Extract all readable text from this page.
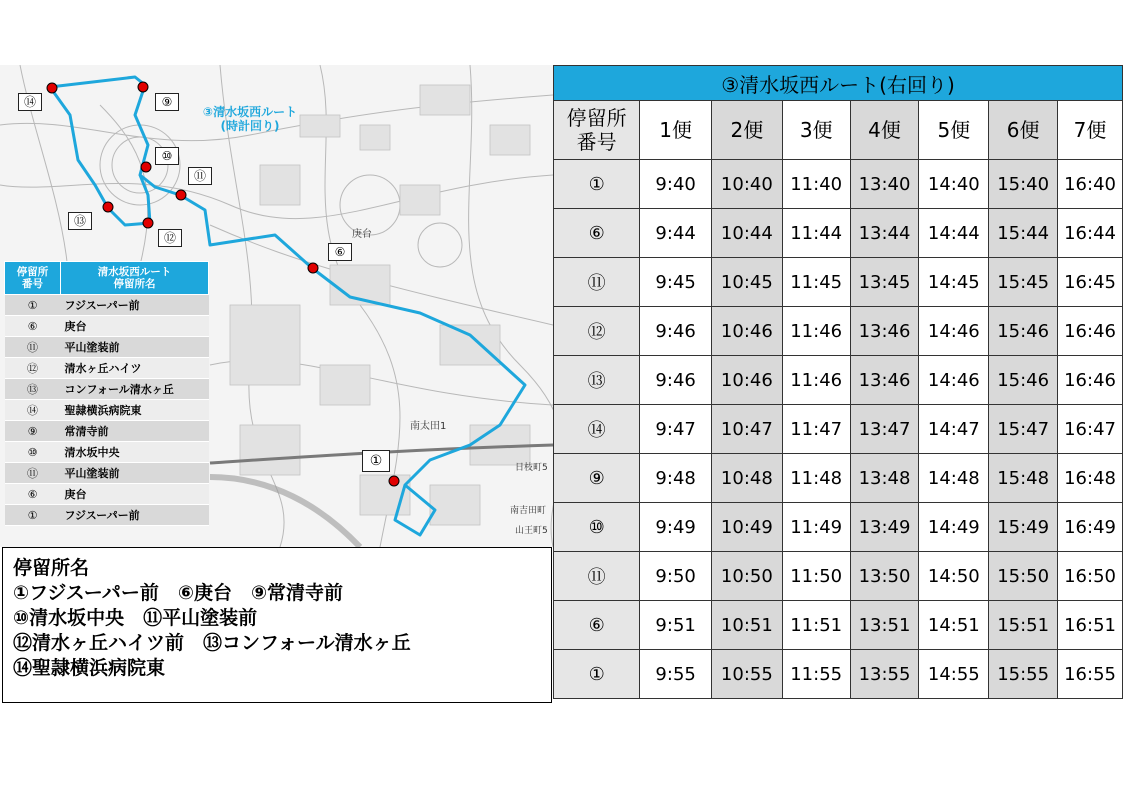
⑭	⑨
⑩
⑪
⑬
⑫
⑥
①
③清水坂西ルート
(時計回り)
庚台
南太田1
日枝町5
南吉田町
山王町5
停留所
番号	清水坂西ルート
停留所名
①	フジスーパー前
⑥	庚台
⑪	平山塗装前
⑫	清水ヶ丘ハイツ
⑬	コンフォール清水ヶ丘
⑭	聖隷横浜病院東
⑨	常清寺前
⑩	清水坂中央
⑪	平山塗装前
⑥	庚台
①	フジスーパー前
停留所名
①フジスーパー前　⑥庚台　⑨常清寺前
⑩清水坂中央　⑪平山塗装前
⑫清水ヶ丘ハイツ前　⑬コンフォール清水ヶ丘
⑭聖隷横浜病院東
③清水坂西ルート(右回り)							
停留所
番号	1便	2便	3便	4便	5便	6便	7便
①	9:40	10:40	11:40	13:40	14:40	15:40	16:40
⑥	9:44	10:44	11:44	13:44	14:44	15:44	16:44
⑪	9:45	10:45	11:45	13:45	14:45	15:45	16:45
⑫	9:46	10:46	11:46	13:46	14:46	15:46	16:46
⑬	9:46	10:46	11:46	13:46	14:46	15:46	16:46
⑭	9:47	10:47	11:47	13:47	14:47	15:47	16:47
⑨	9:48	10:48	11:48	13:48	14:48	15:48	16:48
⑩	9:49	10:49	11:49	13:49	14:49	15:49	16:49
⑪	9:50	10:50	11:50	13:50	14:50	15:50	16:50
⑥	9:51	10:51	11:51	13:51	14:51	15:51	16:51
①	9:55	10:55	11:55	13:55	14:55	15:55	16:55
